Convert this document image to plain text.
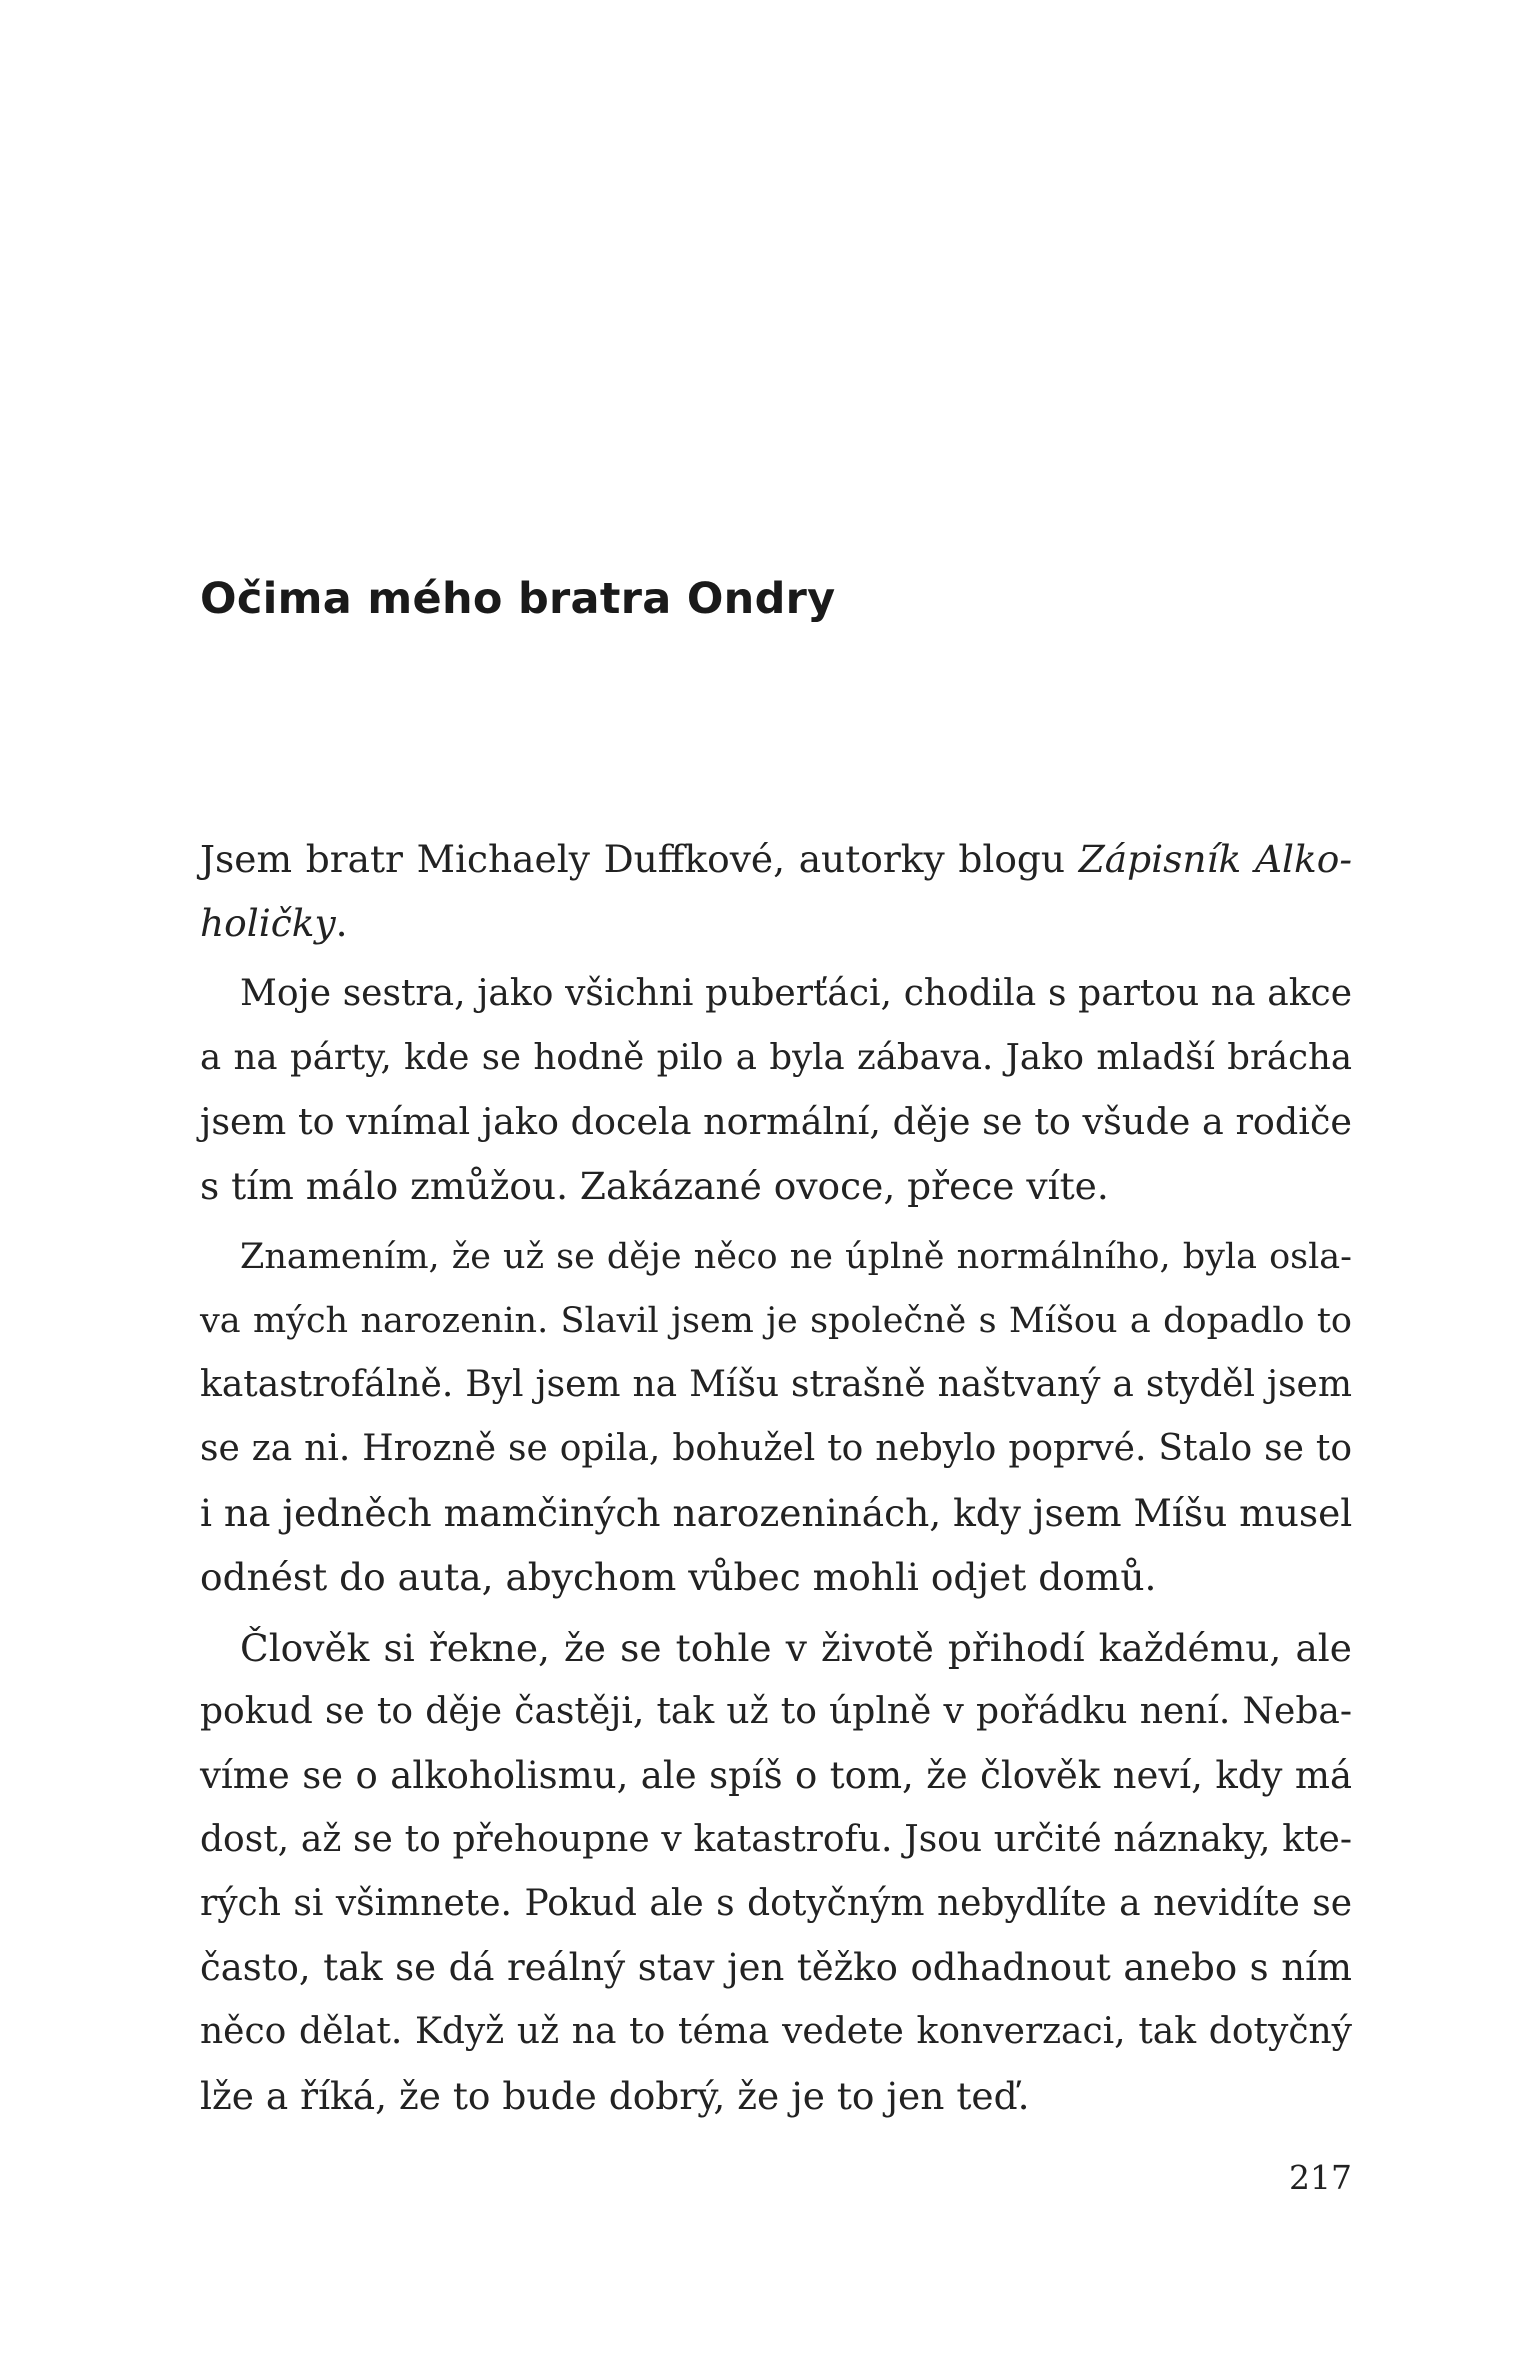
Očima mého bratra Ondry

Jsem bratr Michaely Duffkové, autorky blogu Zápisník Alko-
holičky.

Moje sestra, jako všichni puberťáci, chodila s partou na akce
a na párty, kde se hodně pilo a byla zábava. Jako mladší brácha
jsem to vnímal jako docela normální, děje se to všude a rodiče
s tím málo zmůžou. Zakázané ovoce, přece víte.

Znamením, že už se děje něco ne úplně normálního, byla osla-
va mých narozenin. Slavil jsem je společně s Míšou a dopadlo to
katastrofálně. Byl jsem na Míšu strašně naštvaný a styděl jsem
se za ni. Hrozně se opila, bohužel to nebylo poprvé. Stalo se to
i na jedněch mamčiných narozeninách, kdy jsem Míšu musel
odnést do auta, abychom vůbec mohli odjet domů.

Člověk si řekne, že se tohle v životě přihodí každému, ale
pokud se to děje častěji, tak už to úplně v pořádku není. Neba-
víme se o alkoholismu, ale spíš o tom, že člověk neví, kdy má
dost, až se to přehoupne v katastrofu. Jsou určité náznaky, kte-
rých si všimnete. Pokud ale s dotyčným nebydlíte a nevidíte se
často, tak se dá reálný stav jen těžko odhadnout anebo s ním
něco dělat. Když už na to téma vedete konverzaci, tak dotyčný
lže a říká, že to bude dobrý, že je to jen teď.

217
